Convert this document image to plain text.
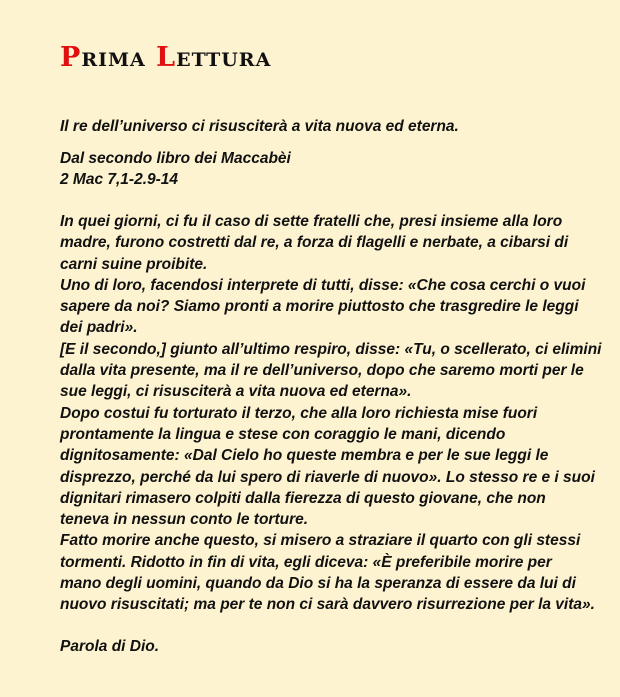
Prima Lettura

Il re dell’universo ci risusciterà a vita nuova ed eterna.

Dal secondo libro dei Maccabèi
2 Mac 7,1-2.9-14

In quei giorni, ci fu il caso di sette fratelli che, presi insieme alla loro
madre, furono costretti dal re, a forza di flagelli e nerbate, a cibarsi di
carni suine proibite.
Uno di loro, facendosi interprete di tutti, disse: «Che cosa cerchi o vuoi
sapere da noi? Siamo pronti a morire piuttosto che trasgredire le leggi
dei padri».
[E il secondo,] giunto all’ultimo respiro, disse: «Tu, o scellerato, ci elimini
dalla vita presente, ma il re dell’universo, dopo che saremo morti per le
sue leggi, ci risusciterà a vita nuova ed eterna».
Dopo costui fu torturato il terzo, che alla loro richiesta mise fuori
prontamente la lingua e stese con coraggio le mani, dicendo
dignitosamente: «Dal Cielo ho queste membra e per le sue leggi le
disprezzo, perché da lui spero di riaverle di nuovo». Lo stesso re e i suoi
dignitari rimasero colpiti dalla fierezza di questo giovane, che non
teneva in nessun conto le torture.
Fatto morire anche questo, si misero a straziare il quarto con gli stessi
tormenti. Ridotto in fin di vita, egli diceva: «È preferibile morire per
mano degli uomini, quando da Dio si ha la speranza di essere da lui di
nuovo risuscitati; ma per te non ci sarà davvero risurrezione per la vita».

Parola di Dio.
